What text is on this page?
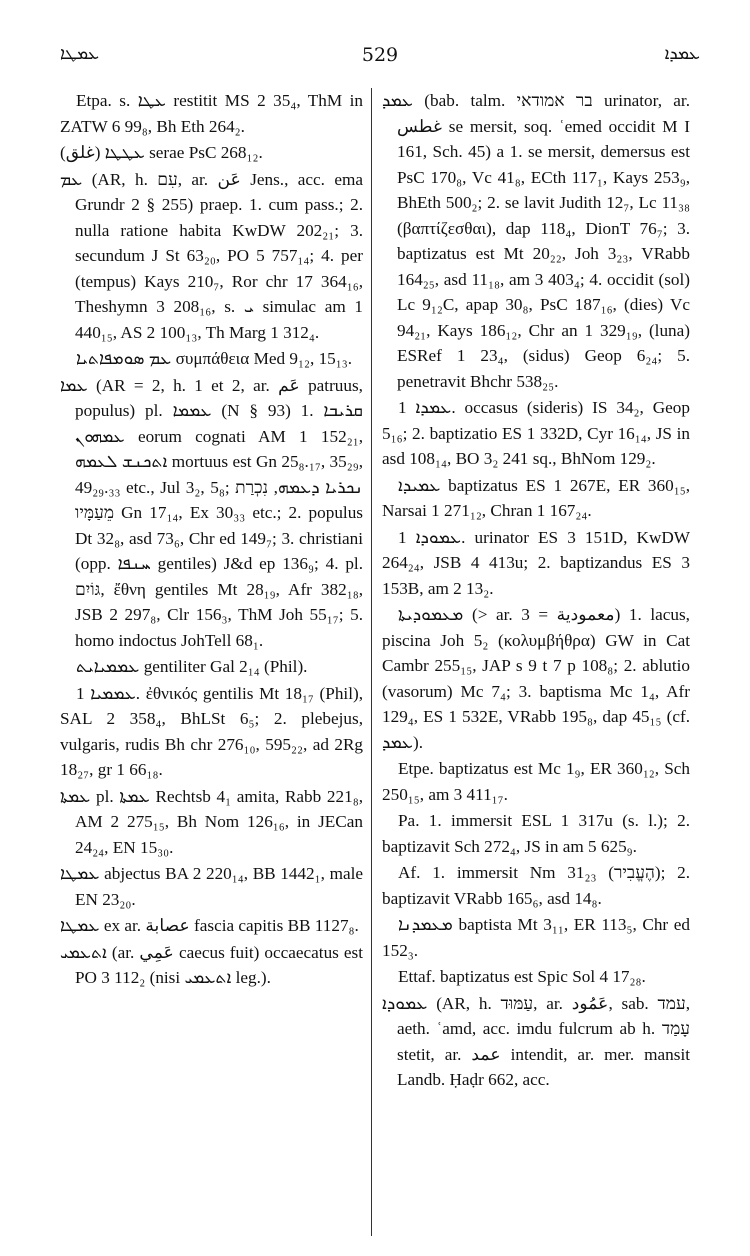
ܥܡܛܐ	529	ܥܡܕܐ

Etpa. s. ܥܛܐ restitit MS 2 35₄, ThM in ZATW 6 99₈, Bh Eth 264₂.

ܥܛܛܐ (غلق) serae PsC 268₁₂.

ܥܡ (AR, h. עִם, ar. عَن Jens., acc. ema Grundr 2 § 255) praep. 1. cum pass.; 2. nulla ratione habita KwDW 202₂₁; 3. secundum J St 63₂₀, PO 5 757₁₄; 4. per (tempus) Kays 210₇, Ror chr 17 364₁₆, Theshymn 3 208₁₆, s. ܝ simulac am 1 440₁₅, AS 2 100₁₃, Th Marg 1 312₄.

ܥܡ ܣܘܡܦܐܬܝܐ συμπάθεια Med 9₁₂, 15₁₃.

ܥܡܐ (AR = 2, h. 1 et 2, ar. عَم patruus, populus) pl. ܥܡܡܐ (N § 93) 1. ܩܪܝܒܐ ܥܡܗܘܢ eorum cognati AM 1 152₂₁, ܐܬܟܢܫ ܠܥܡܗ mortuus est Gn 25₈.₁₇, 35₂₉, 49₂₉.₃₃ etc., Jul 3₂, 5₈; ܢܟܪܝܐ ܕܥܡܗ, נִכְרַת מֵעַמָּיו Gn 17₁₄, Ex 30₃₃ etc.; 2. populus Dt 32₈, asd 73₆, Chr ed 149₇; 3. christiani (opp. ܚܢܦܐ gentiles) J&d ep 136₉; 4. pl. גּוֹיִם, ἔθνη gentiles Mt 28₁₉, Afr 382₁₈, JSB 2 297₈, Clr 156₃, ThM Joh 55₁₇; 5. homo indoctus JohTell 68₁.

ܥܡܡܝܐܝܬ gentiliter Gal 2₁₄ (Phil).

ܥܡܡܝܐ 1. ἐθνικός gentilis Mt 18₁₇ (Phil), SAL 2 358₄, BhLSt 6₅; 2. plebejus, vulgaris, rudis Bh chr 276₁₀, 595₂₂, ad 2Rg 18₂₇, gr 1 66₁₈.

ܥܡܬܐ pl. ܥܡܬܐ Rechtsb 4₁ amita, Rabb 221₈, AM 2 275₁₅, Bh Nom 126₁₆, in JECan 24₂₄, EN 15₃₀.

ܥܡܛܐ abjectus BA 2 220₁₄, BB 1442₁, male EN 23₂₀.

ܥܡܛܐ ex ar. عصابة fascia capitis BB 1127₈.

ܐܬܥܡܝ (ar. عَمِي caecus fuit) occaecatus est PO 3 112₂ (nisi ܐܬܥܡܝ leg.).

ܥܡܕ (bab. talm. בר אמודאי urinator, ar. غطس se mersit, soq. ʿemed occidit M I 161, Sch. 45) a 1. se mersit, demersus est PsC 170₈, Vc 41₈, ECth 117₁, Kays 253₉, BhEth 500₂; 2. se lavit Judith 12₇, Lc 11₃₈ (βαπτίζεσθαι), dap 118₄, DionT 76₇; 3. baptizatus est Mt 20₂₂, Joh 3₂₃, VRabb 164₂₅, asd 11₁₈, am 3 403₄; 4. occidit (sol) Lc 9₁₂C, apap 30₈, PsC 187₁₆, (dies) Vc 94₂₁, Kays 186₁₂, Chr an 1 329₁₉, (luna) ESRef 1 23₄, (sidus) Geop 6₂₄; 5. penetravit Bhchr 538₂₅.

ܥܡܕܐ 1. occasus (sideris) IS 34₂, Geop 5₁₆; 2. baptizatio ES 1 332D, Cyr 16₁₄, JS in asd 108₁₄, BO 3₂ 241 sq., BhNom 129₂.

ܥܡܝܕܐ baptizatus ES 1 267E, ER 360₁₅, Narsai 1 271₁₂, Chran 1 167₂₄.

ܥܡܘܕܐ 1. urinator ES 3 151D, KwDW 264₂₄, JSB 4 413u; 2. baptizandus ES 3 153B, am 2 13₂.

ܡܥܡܘܕܝܬܐ (> ar. معمودية = 3) 1. lacus, piscina Joh 5₂ (κολυμβήθρα) GW in Cat Cambr 255₁₅, JAP s 9 t 7 p 108₈; 2. ablutio (vasorum) Mc 7₄; 3. baptisma Mc 1₄, Afr 129₄, ES 1 532E, VRabb 195₈, dap 45₁₅ (cf. ܥܡܕ).

Etpe. baptizatus est Mc 1₉, ER 360₁₂, Sch 250₁₅, am 3 411₁₇.

Pa. 1. immersit ESL 1 317u (s. l.); 2. baptizavit Sch 272₄, JS in am 5 625₉.

Af. 1. immersit Nm 31₂₃ (הֶעֱבִיר); 2. baptizavit VRabb 165₆, asd 14₈.

ܡܥܡܕܢܐ baptista Mt 3₁₁, ER 113₅, Chr ed 152₃.

Ettaf. baptizatus est Spic Sol 4 17₂₈.

ܥܡܘܕܐ (AR, h. עַמּוּד, ar. عَمُود, sab. עמד, aeth. ʿamd, acc. imdu fulcrum ab h. עָמַד stetit, ar. عمد intendit, ar. mer. mansit Landb. Ḥaḍr 662, acc.
